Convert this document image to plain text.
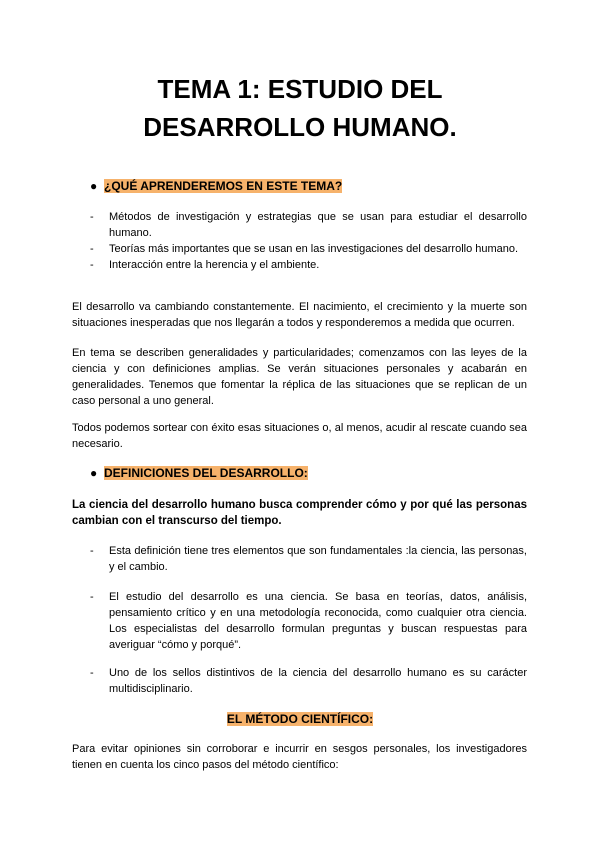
TEMA 1: ESTUDIO DEL
DESARROLLO HUMANO.
● ¿QUÉ APRENDEREMOS EN ESTE TEMA?
- Métodos de investigación y estrategias que se usan para estudiar el desarrollo humano.
- Teorías más importantes que se usan en las investigaciones del desarrollo humano.
- Interacción entre la herencia y el ambiente.

El desarrollo va cambiando constantemente. El nacimiento, el crecimiento y la muerte son situaciones inesperadas que nos llegarán a todos y responderemos a medida que ocurren.

En tema se describen generalidades y particularidades; comenzamos con las leyes de la ciencia y con definiciones amplias. Se verán situaciones personales y acabarán en generalidades. Tenemos que fomentar la réplica de las situaciones que se replican de un caso personal a uno general.

Todos podemos sortear con éxito esas situaciones o, al menos, acudir al rescate cuando sea necesario.

● DEFINICIONES DEL DESARROLLO:

La ciencia del desarrollo humano busca comprender cómo y por qué las personas cambian con el transcurso del tiempo.

- Esta definición tiene tres elementos que son fundamentales :la ciencia, las personas, y el cambio.
- El estudio del desarrollo es una ciencia. Se basa en teorías, datos, análisis, pensamiento crítico y en una metodología reconocida, como cualquier otra ciencia. Los especialistas del desarrollo formulan preguntas y buscan respuestas para averiguar “cómo y porqué”.
- Uno de los sellos distintivos de la ciencia del desarrollo humano es su carácter multidisciplinario.
EL MÉTODO CIENTÍFICO:

Para evitar opiniones sin corroborar e incurrir en sesgos personales, los investigadores tienen en cuenta los cinco pasos del método científico:
